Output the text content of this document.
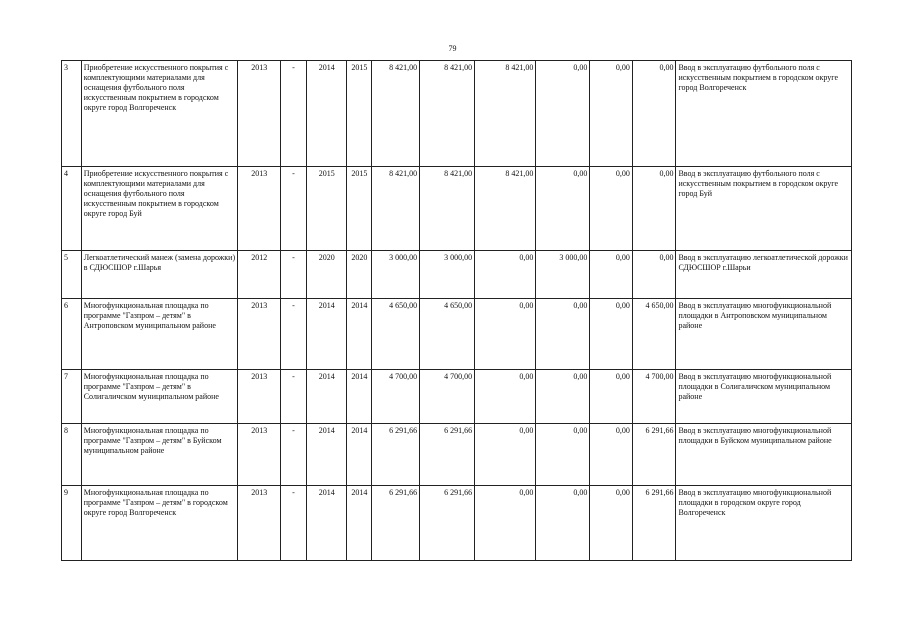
79
3	Приобретение искусственного покрытия с комплектующими материалами для оснащения футбольного поля искусственным покрытием в городском округе город Волгореченск	2013	-	2014	2015	8 421,00	8 421,00	8 421,00	0,00	0,00	0,00	Ввод в эксплуатацию футбольного поля с искусственным покрытием в городском округе город Волгореченск
4	Приобретение искусственного покрытия с комплектующими материалами для оснащения футбольного поля искусственным покрытием в городском округе город Буй	2013	-	2015	2015	8 421,00	8 421,00	8 421,00	0,00	0,00	0,00	Ввод в эксплуатацию футбольного поля с искусственным покрытием в городском округе город Буй
5	Легкоатлетический манеж (замена дорожки) в СДЮСШОР г.Шарья	2012	-	2020	2020	3 000,00	3 000,00	0,00	3 000,00	0,00	0,00	Ввод в эксплуатацию легкоатлетической дорожки СДЮСШОР г.Шарьи
6	Многофункциональная площадка по программе "Газпром – детям" в Антроповском муниципальном районе	2013	-	2014	2014	4 650,00	4 650,00	0,00	0,00	0,00	4 650,00	Ввод в эксплуатацию многофункциональной площадки в Антроповском муниципальном районе
7	Многофункциональная площадка по программе "Газпром – детям" в Солигаличском муниципальном районе	2013	-	2014	2014	4 700,00	4 700,00	0,00	0,00	0,00	4 700,00	Ввод в эксплуатацию многофункциональной площадки в Солигаличском муниципальном районе
8	Многофункциональная площадка по программе "Газпром – детям" в Буйском муниципальном районе	2013	-	2014	2014	6 291,66	6 291,66	0,00	0,00	0,00	6 291,66	Ввод в эксплуатацию многофункциональной площадки в Буйском муниципальном районе
9	Многофункциональная площадка по программе "Газпром – детям" в городском округе город Волгореченск	2013	-	2014	2014	6 291,66	6 291,66	0,00	0,00	0,00	6 291,66	Ввод в эксплуатацию многофункциональной площадки в городском округе город Волгореченск
